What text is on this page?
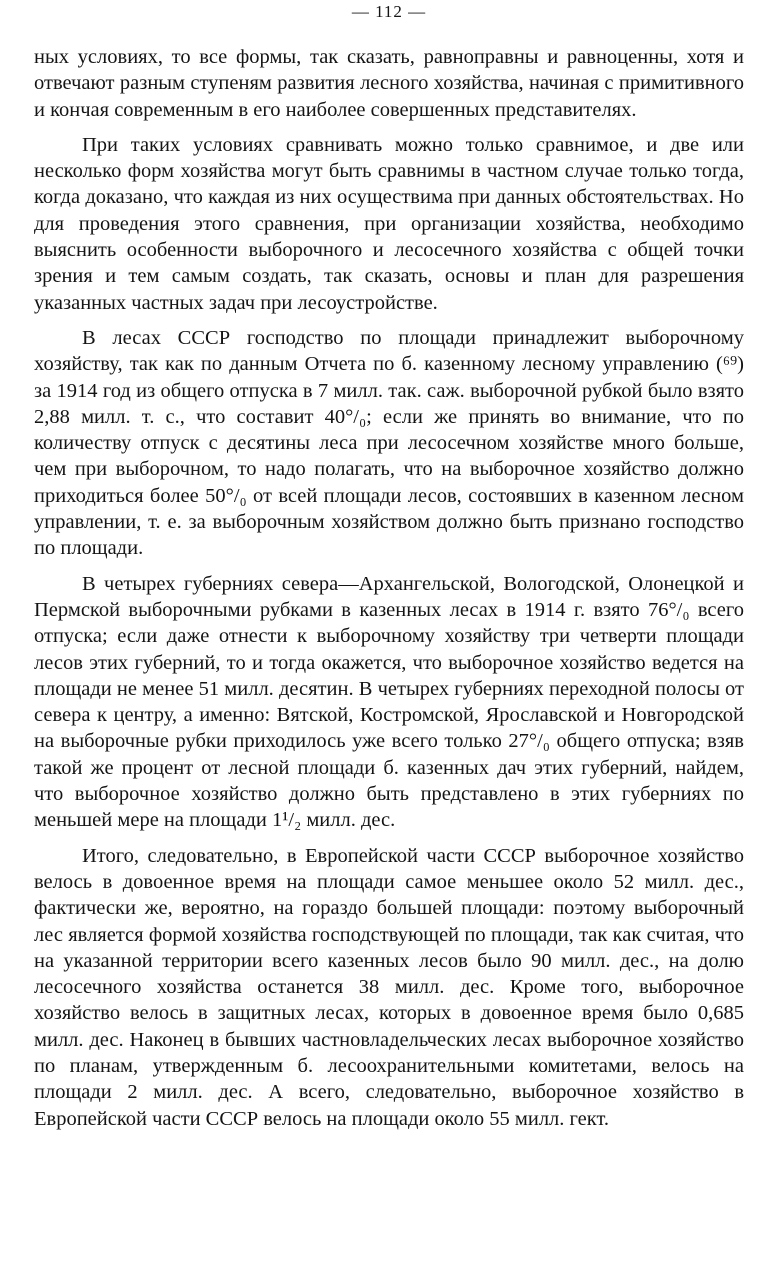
— 112 —

ных условиях, то все формы, так сказать, равноправны и равноценны, хотя и отвечают разным ступеням развития лесного хозяйства, начиная с примитивного и кончая современным в его наиболее совершенных представителях.

При таких условиях сравнивать можно только сравнимое, и две или несколько форм хозяйства могут быть сравнимы в частном случае только тогда, когда доказано, что каждая из них осуществима при данных обстоятельствах. Но для проведения этого сравнения, при организации хозяйства, необходимо выяснить особенности выборочного и лесосечного хозяйства с общей точки зрения и тем самым создать, так сказать, основы и план для разрешения указанных частных задач при лесоустройстве.

В лесах СССР господство по площади принадлежит выборочному хозяйству, так как по данным Отчета по б. казенному лесному управлению (⁶⁹) за 1914 год из общего отпуска в 7 милл. так. саж. выборочной рубкой было взято 2,88 милл. т. с., что составит 40°/₀; если же принять во внимание, что по количеству отпуск с десятины леса при лесосечном хозяйстве много больше, чем при выборочном, то надо полагать, что на выборочное хозяйство должно приходиться более 50°/₀ от всей площади лесов, состоявших в казенном лесном управлении, т. е. за выборочным хозяйством должно быть признано господство по площади.

В четырех губерниях севера—Архангельской, Вологодской, Олонецкой и Пермской выборочными рубками в казенных лесах в 1914 г. взято 76°/₀ всего отпуска; если даже отнести к выборочному хозяйству три четверти площади лесов этих губерний, то и тогда окажется, что выборочное хозяйство ведется на площади не менее 51 милл. десятин. В четырех губерниях переходной полосы от севера к центру, а именно: Вятской, Костромской, Ярославской и Новгородской на выборочные рубки приходилось уже всего только 27°/₀ общего отпуска; взяв такой же процент от лесной площади б. казенных дач этих губерний, найдем, что выборочное хозяйство должно быть представлено в этих губерниях по меньшей мере на площади 1¹/₂ милл. дес.

Итого, следовательно, в Европейской части СССР выборочное хозяйство велось в довоенное время на площади самое меньшее около 52 милл. дес., фактически же, вероятно, на гораздо большей площади: поэтому выборочный лес является формой хозяйства господствующей по площади, так как считая, что на указанной территории всего казенных лесов было 90 милл. дес., на долю лесосечного хозяйства останется 38 милл. дес. Кроме того, выборочное хозяйство велось в защитных лесах, которых в довоенное время было 0,685 милл. дес. Наконец в бывших частновладельческих лесах выборочное хозяйство по планам, утвержденным б. лесоохранительными комитетами, велось на площади 2 милл. дес. А всего, следовательно, выборочное хозяйство в Европейской части СССР велось на площади около 55 милл. гект.
